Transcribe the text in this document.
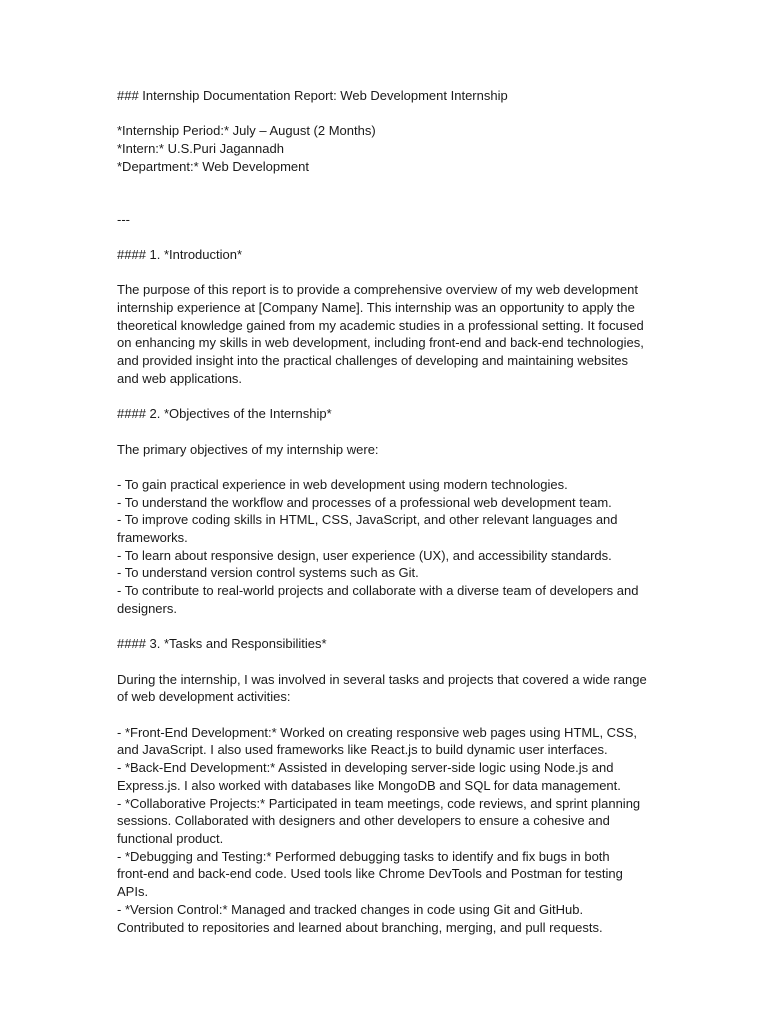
### Internship Documentation Report: Web Development Internship
*Internship Period:* July – August (2 Months)
*Intern:* U.S.Puri Jagannadh
*Department:* Web Development
---
#### 1. *Introduction*
The purpose of this report is to provide a comprehensive overview of my web development
internship experience at [Company Name]. This internship was an opportunity to apply the
theoretical knowledge gained from my academic studies in a professional setting. It focused
on enhancing my skills in web development, including front-end and back-end technologies,
and provided insight into the practical challenges of developing and maintaining websites
and web applications.
#### 2. *Objectives of the Internship*
The primary objectives of my internship were:
- To gain practical experience in web development using modern technologies.
- To understand the workflow and processes of a professional web development team.
- To improve coding skills in HTML, CSS, JavaScript, and other relevant languages and
frameworks.
- To learn about responsive design, user experience (UX), and accessibility standards.
- To understand version control systems such as Git.
- To contribute to real-world projects and collaborate with a diverse team of developers and
designers.
#### 3. *Tasks and Responsibilities*
During the internship, I was involved in several tasks and projects that covered a wide range
of web development activities:
- *Front-End Development:* Worked on creating responsive web pages using HTML, CSS,
and JavaScript. I also used frameworks like React.js to build dynamic user interfaces.
- *Back-End Development:* Assisted in developing server-side logic using Node.js and
Express.js. I also worked with databases like MongoDB and SQL for data management.
- *Collaborative Projects:* Participated in team meetings, code reviews, and sprint planning
sessions. Collaborated with designers and other developers to ensure a cohesive and
functional product.
- *Debugging and Testing:* Performed debugging tasks to identify and fix bugs in both
front-end and back-end code. Used tools like Chrome DevTools and Postman for testing
APIs.
- *Version Control:* Managed and tracked changes in code using Git and GitHub.
Contributed to repositories and learned about branching, merging, and pull requests.
